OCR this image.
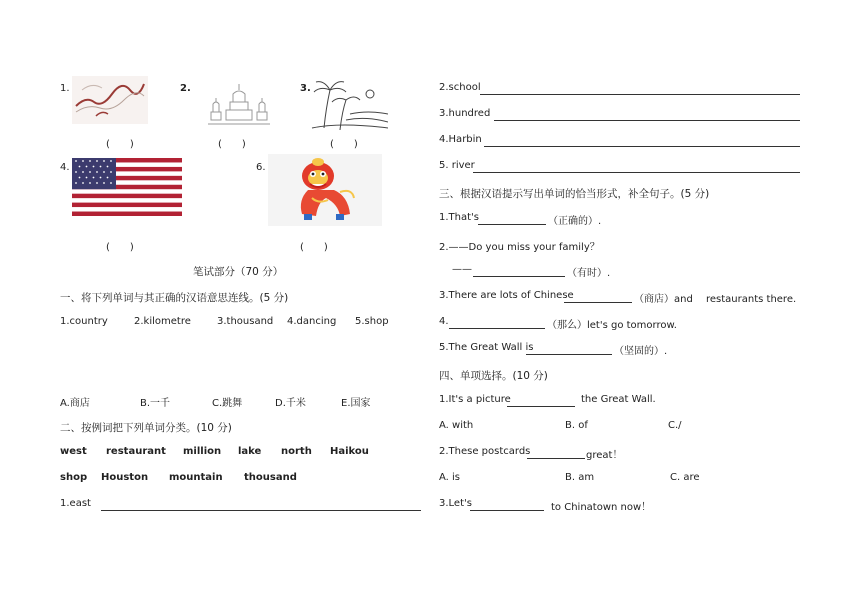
1.
(　　)
2.
(　　)
3.
(　　)
4.
(　　)
6.
(　　)
笔试部分（70 分）
一、将下列单词与其正确的汉语意思连线。(5 分)
1.country	2.kilometre	3.thousand 4.dancing 5.shop
A.商店	B.一千	C.跳舞	D.千米	E.国家
二、按例词把下列单词分类。(10 分)
west restaurant million lake north Haikou
shop Houston mountain thousand
1.east
2.school
3.hundred
4.Harbin
5. river
三、根据汉语提示写出单词的恰当形式，补全句子。(5 分)
1.That's	（正确的）.
2.——Do you miss your family？
——	（有时）.
3.There are lots of Chinese	（商店）and　 restaurants there.
4.	（那么）let's go tomorrow.
5.The Great Wall is	（坚固的）.
四、单项选择。(10 分)
1.It's a picture	the Great Wall.
A. with	B. of	C./
2.These postcards	great！
A. is	B. am	C. are
3.Let's	to Chinatown now！
